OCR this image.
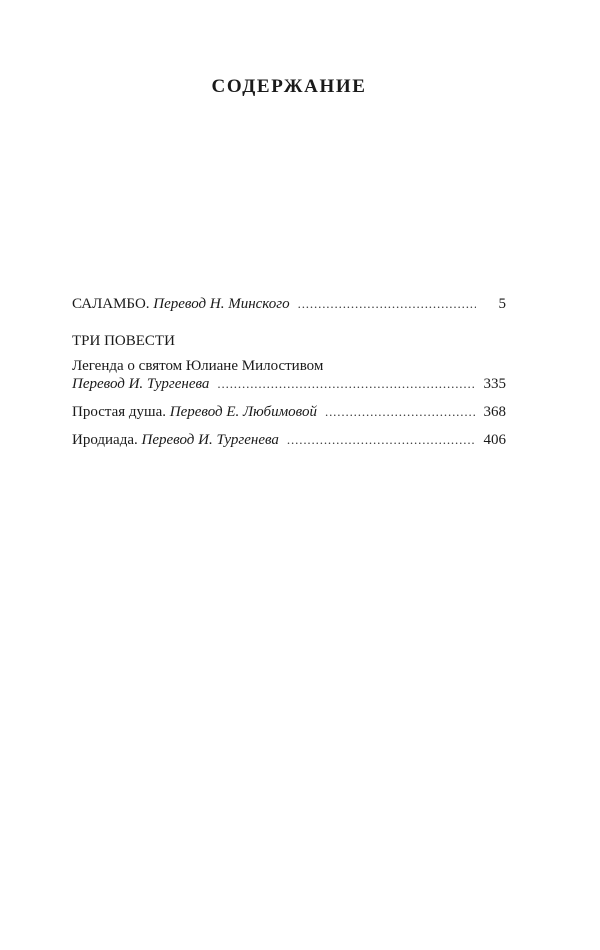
СОДЕРЖАНИЕ
САЛАМБО. Перевод Н. Минского . . .	5
ТРИ ПОВЕСТИ
Легенда о святом Юлиане Милостивом
Перевод И. Тургенева . . .	335
Простая душа. Перевод Е. Любимовой . . .	368
Иродиада. Перевод И. Тургенева . . .	406
